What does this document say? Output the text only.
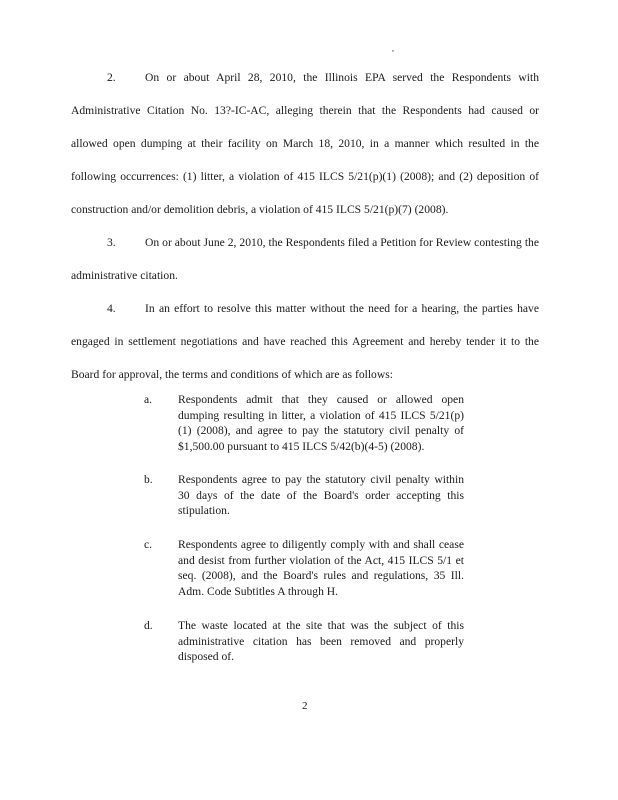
,

2.	On or about April 28, 2010, the Illinois EPA served the Respondents with Administrative Citation No. 13?-IC-AC, alleging therein that the Respondents had caused or allowed open dumping at their facility on March 18, 2010, in a manner which resulted in the following occurrences: (1) litter, a violation of 415 ILCS 5/21(p)(1) (2008); and (2) deposition of construction and/or demolition debris, a violation of 415 ILCS 5/21(p)(7) (2008).

3.	On or about June 2, 2010, the Respondents filed a Petition for Review contesting the administrative citation.

4.	In an effort to resolve this matter without the need for a hearing, the parties have engaged in settlement negotiations and have reached this Agreement and hereby tender it to the Board for approval, the terms and conditions of which are as follows:

a.	Respondents admit that they caused or allowed open dumping resulting in litter, a violation of 415 ILCS 5/21(p)(1) (2008), and agree to pay the statutory civil penalty of $1,500.00 pursuant to 415 ILCS 5/42(b)(4-5) (2008).
b.	Respondents agree to pay the statutory civil penalty within 30 days of the date of the Board's order accepting this stipulation.
c.	Respondents agree to diligently comply with and shall cease and desist from further violation of the Act, 415 ILCS 5/1 et seq. (2008), and the Board's rules and regulations, 35 Ill. Adm. Code Subtitles A through H.
d.	The waste located at the site that was the subject of this administrative citation has been removed and properly disposed of.
2
